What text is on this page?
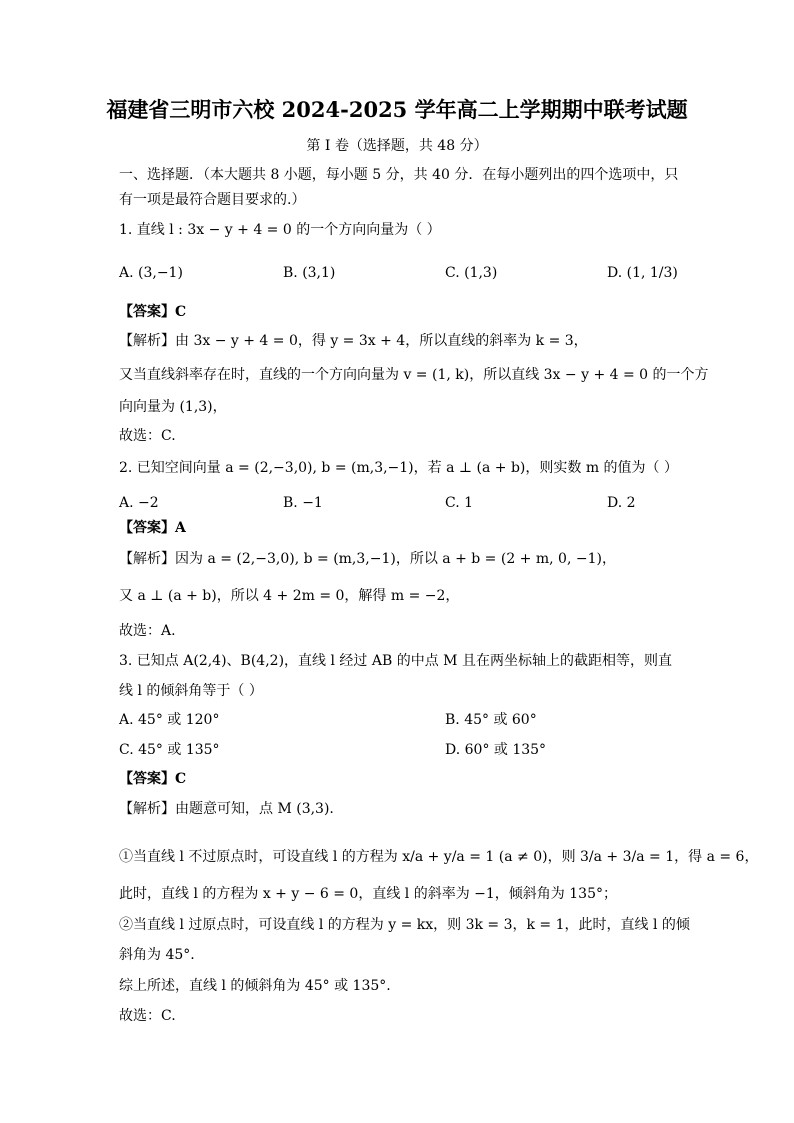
福建省三明市六校 2024-2025 学年高二上学期期中联考试题
第 I 卷（选择题，共 48 分）
一、选择题．（本大题共 8 小题，每小题 5 分，共 40 分．在每小题列出的四个选项中，只
有一项是最符合题目要求的.）
1. 直线 l : 3x − y + 4 = 0 的一个方向向量为（ ）
A. (3,−1)	B. (3,1)	C. (1,3)	D. (1, 1/3)
【答案】C
【解析】由 3x − y + 4 = 0，得 y = 3x + 4，所以直线的斜率为 k = 3，
又当直线斜率存在时，直线的一个方向向量为 v = (1, k)，所以直线 3x − y + 4 = 0 的一个方
向向量为 (1,3)，
故选：C.
2. 已知空间向量 a = (2,−3,0), b = (m,3,−1)，若 a ⊥ (a + b)，则实数 m 的值为（ ）
A. −2	B. −1	C. 1	D. 2
【答案】A
【解析】因为 a = (2,−3,0), b = (m,3,−1)，所以 a + b = (2 + m, 0, −1)，
又 a ⊥ (a + b)，所以 4 + 2m = 0，解得 m = −2，
故选：A.
3. 已知点 A(2,4)、B(4,2)，直线 l 经过 AB 的中点 M 且在两坐标轴上的截距相等，则直
线 l 的倾斜角等于（ ）
A. 45° 或 120°	B. 45° 或 60°
C. 45° 或 135°	D. 60° 或 135°
【答案】C
【解析】由题意可知，点 M (3,3).
①当直线 l 不过原点时，可设直线 l 的方程为 x/a + y/a = 1 (a ≠ 0)，则 3/a + 3/a = 1，得 a = 6，
此时，直线 l 的方程为 x + y − 6 = 0，直线 l 的斜率为 −1，倾斜角为 135°；
②当直线 l 过原点时，可设直线 l 的方程为 y = kx，则 3k = 3，k = 1，此时，直线 l 的倾
斜角为 45°.
综上所述，直线 l 的倾斜角为 45° 或 135°.
故选：C.
